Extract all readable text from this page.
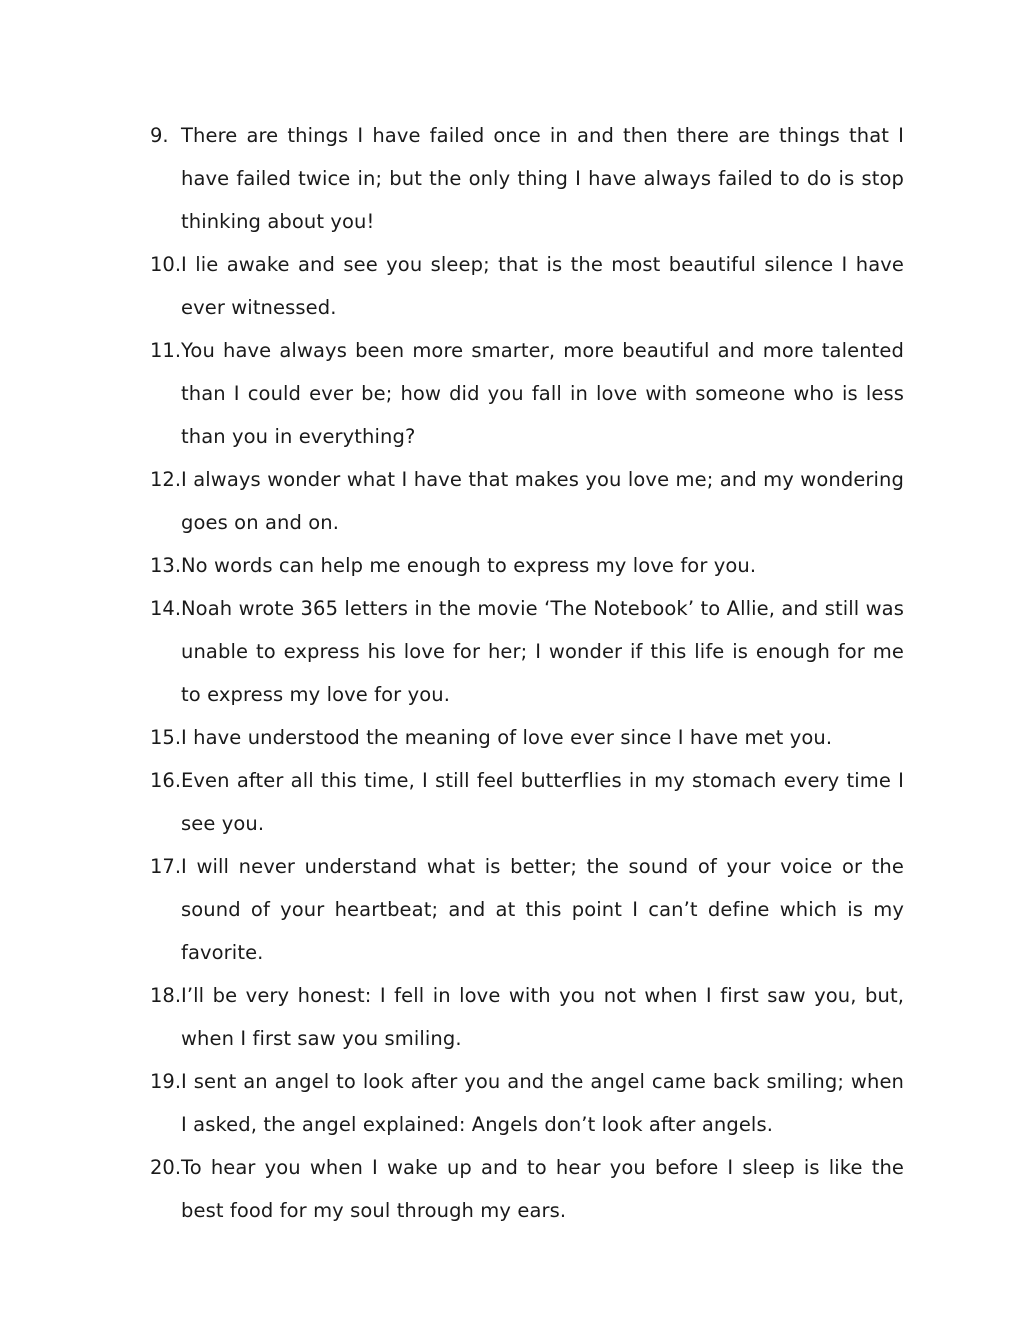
9. There are things I have failed once in and then there are things that I have failed twice in; but the only thing I have always failed to do is stop thinking about you!
10. I lie awake and see you sleep; that is the most beautiful silence I have ever witnessed.
11. You have always been more smarter, more beautiful and more talented than I could ever be; how did you fall in love with someone who is less than you in everything?
12. I always wonder what I have that makes you love me; and my wondering goes on and on.
13. No words can help me enough to express my love for you.
14. Noah wrote 365 letters in the movie ‘The Notebook’ to Allie, and still was unable to express his love for her; I wonder if this life is enough for me to express my love for you.
15. I have understood the meaning of love ever since I have met you.
16. Even after all this time, I still feel butterflies in my stomach every time I see you.
17. I will never understand what is better; the sound of your voice or the sound of your heartbeat; and at this point I can’t define which is my favorite.
18. I’ll be very honest: I fell in love with you not when I first saw you, but, when I first saw you smiling.
19. I sent an angel to look after you and the angel came back smiling; when I asked, the angel explained: Angels don’t look after angels.
20. To hear you when I wake up and to hear you before I sleep is like the best food for my soul through my ears.
